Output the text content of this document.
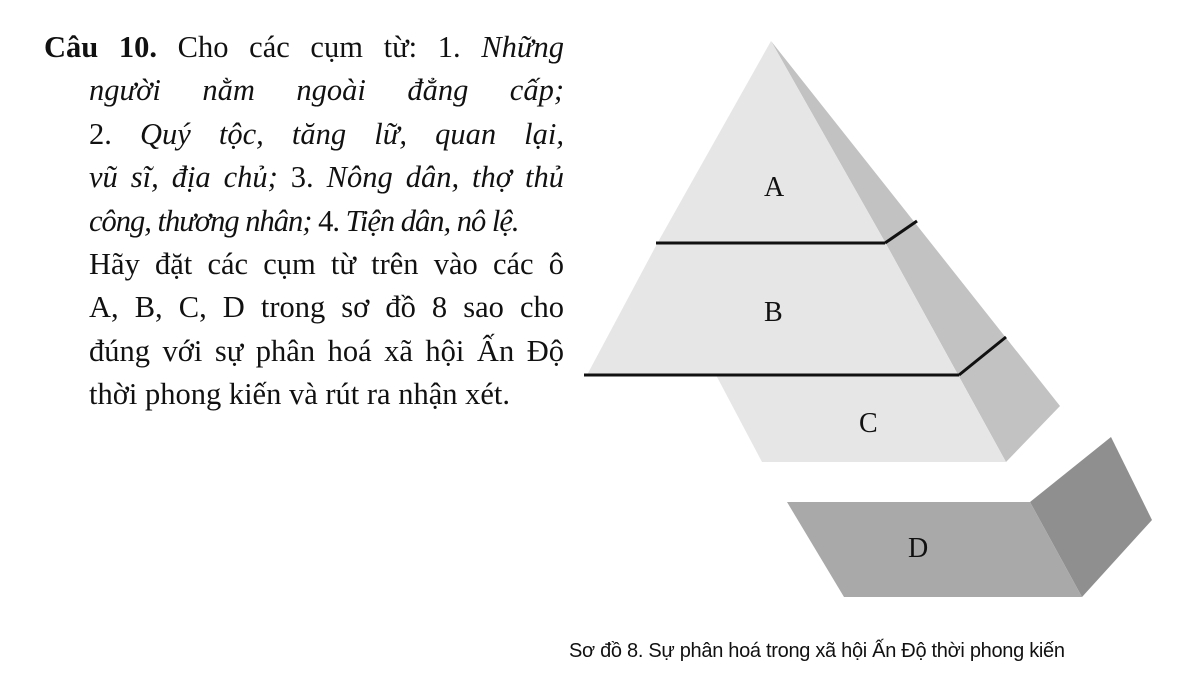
Câu 10. Cho các cụm từ: 1. Những
người nằm ngoài đẳng cấp;
2. Quý tộc, tăng lữ, quan lại,
vũ sĩ, địa chủ; 3. Nông dân, thợ thủ
công, thương nhân; 4. Tiện dân, nô lệ.
Hãy đặt các cụm từ trên vào các ô
A, B, C, D trong sơ đồ 8 sao cho
đúng với sự phân hoá xã hội Ấn Độ
thời phong kiến và rút ra nhận xét.
A
B
C
D
Sơ đồ 8. Sự phân hoá trong xã hội Ấn Độ thời phong kiến
